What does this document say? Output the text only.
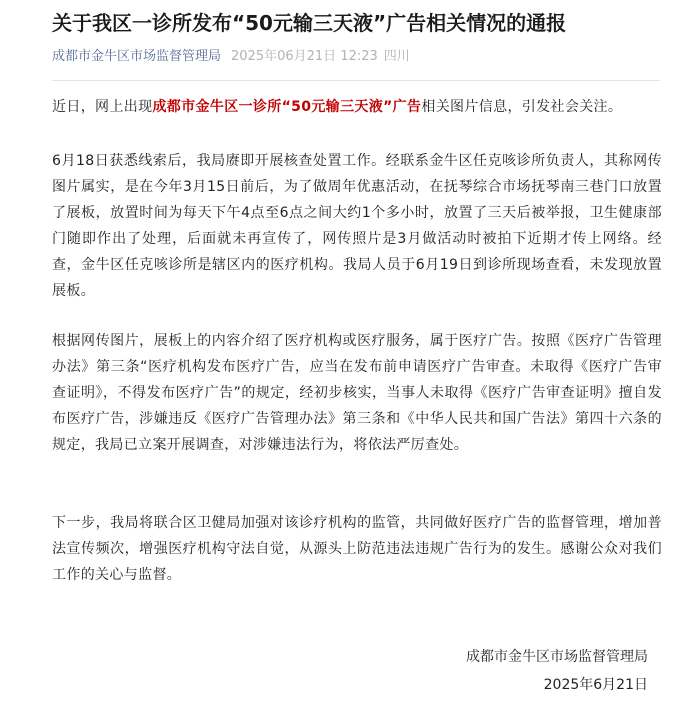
关于我区一诊所发布“50元输三天液”广告相关情况的通报
成都市金牛区市场监督管理局 2025年06月21日 12:23 四川

近日，网上出现成都市金牛区一诊所“50元输三天液”广告相关图片信息，引发社会关注。

6月18日获悉线索后，我局赓即开展核查处置工作。经联系金牛区任克咳诊所负责人，其称网传图片属实，是在今年3月15日前后，为了做周年优惠活动，在抚琴综合市场抚琴南三巷门口放置了展板，放置时间为每天下午4点至6点之间大约1个多小时，放置了三天后被举报，卫生健康部门随即作出了处理，后面就未再宣传了，网传照片是3月做活动时被拍下近期才传上网络。经查，金牛区任克咳诊所是辖区内的医疗机构。我局人员于6月19日到诊所现场查看，未发现放置展板。

根据网传图片，展板上的内容介绍了医疗机构或医疗服务，属于医疗广告。按照《医疗广告管理办法》第三条“医疗机构发布医疗广告，应当在发布前申请医疗广告审查。未取得《医疗广告审查证明》，不得发布医疗广告”的规定，经初步核实，当事人未取得《医疗广告审查证明》擅自发布医疗广告，涉嫌违反《医疗广告管理办法》第三条和《中华人民共和国广告法》第四十六条的规定，我局已立案开展调查，对涉嫌违法行为，将依法严厉查处。

下一步，我局将联合区卫健局加强对该诊疗机构的监管，共同做好医疗广告的监督管理，增加普法宣传频次，增强医疗机构守法自觉，从源头上防范违法违规广告行为的发生。感谢公众对我们工作的关心与监督。

成都市金牛区市场监督管理局
2025年6月21日
